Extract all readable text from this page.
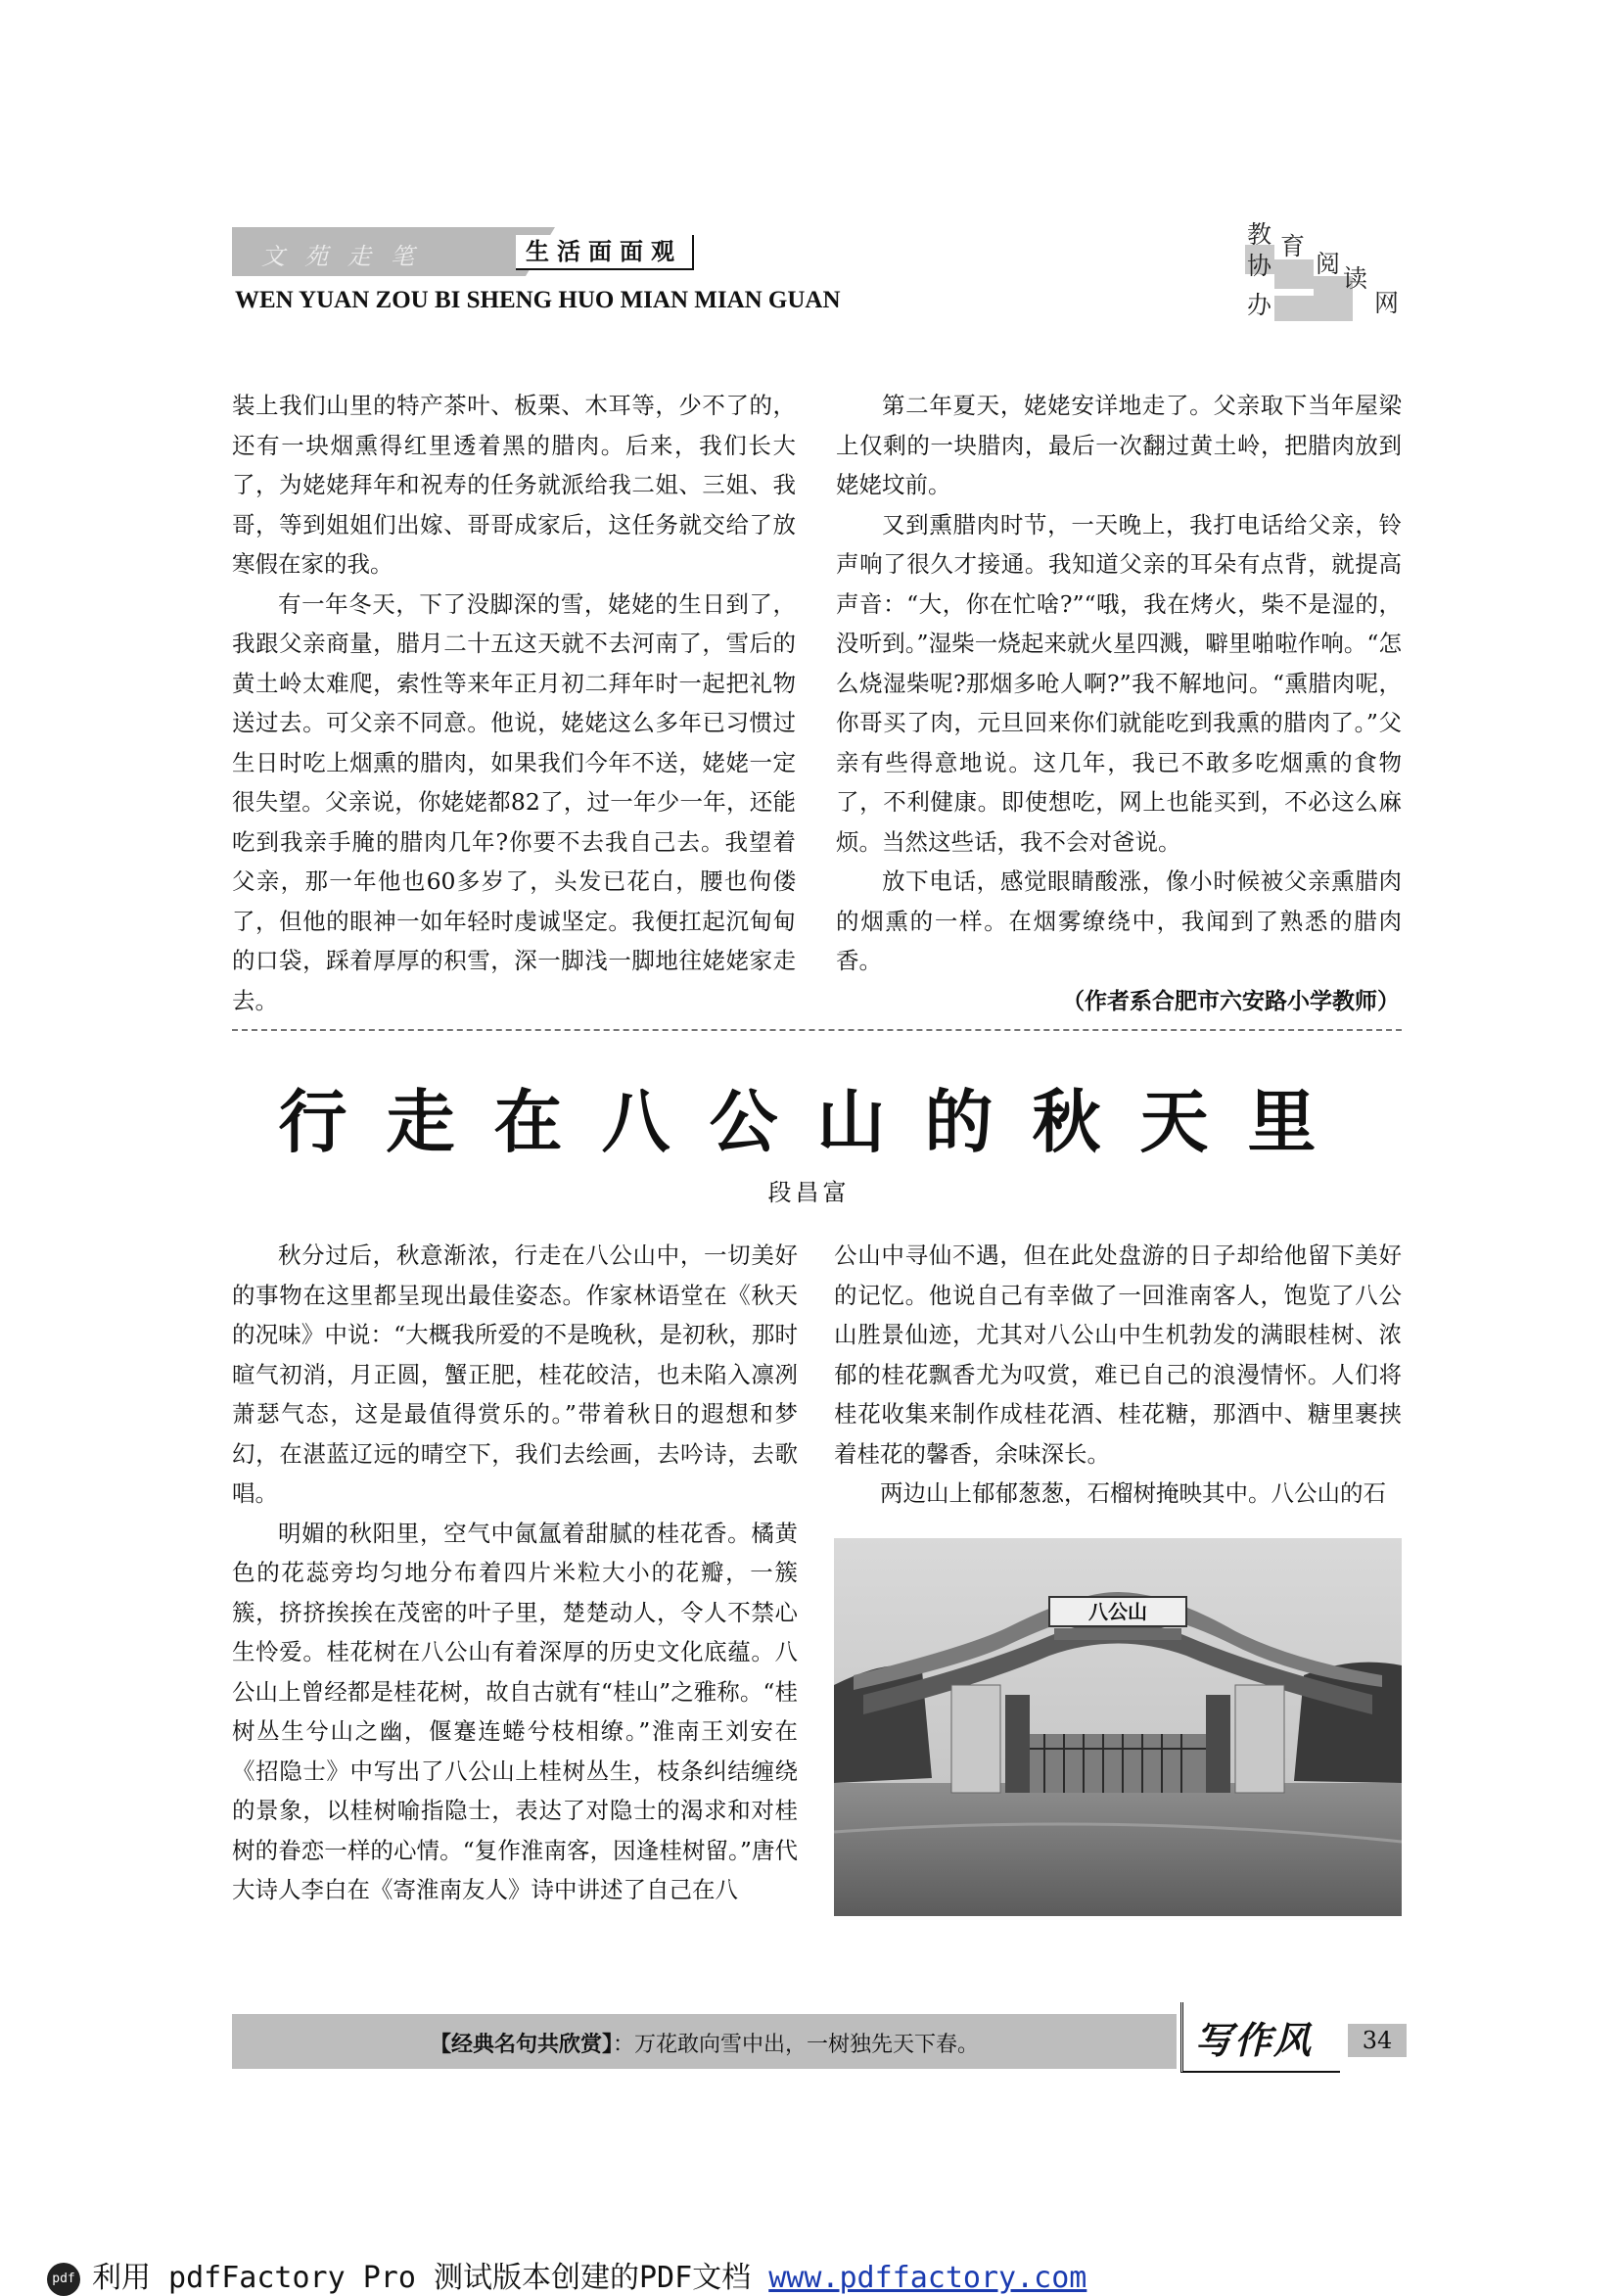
文苑走笔	生活面面观
WEN YUAN ZOU BI SHENG HUO MIAN MIAN GUAN
教 育
协 阅
读
办	网

装上我们山里的特产茶叶、板栗、木耳等，少不了的，还有一块烟熏得红里透着黑的腊肉。后来，我们长大了，为姥姥拜年和祝寿的任务就派给我二姐、三姐、我哥，等到姐姐们出嫁、哥哥成家后，这任务就交给了放寒假在家的我。

有一年冬天，下了没脚深的雪，姥姥的生日到了，我跟父亲商量，腊月二十五这天就不去河南了，雪后的黄土岭太难爬，索性等来年正月初二拜年时一起把礼物送过去。可父亲不同意。他说，姥姥这么多年已习惯过生日时吃上烟熏的腊肉，如果我们今年不送，姥姥一定很失望。父亲说，你姥姥都82了，过一年少一年，还能吃到我亲手腌的腊肉几年?你要不去我自己去。我望着父亲，那一年他也60多岁了，头发已花白，腰也佝偻了，但他的眼神一如年轻时虔诚坚定。我便扛起沉甸甸的口袋，踩着厚厚的积雪，深一脚浅一脚地往姥姥家走去。

第二年夏天，姥姥安详地走了。父亲取下当年屋梁上仅剩的一块腊肉，最后一次翻过黄土岭，把腊肉放到姥姥坟前。

又到熏腊肉时节，一天晚上，我打电话给父亲，铃声响了很久才接通。我知道父亲的耳朵有点背，就提高声音：“大，你在忙啥?”“哦，我在烤火，柴不是湿的，没听到。”湿柴一烧起来就火星四溅，噼里啪啦作响。“怎么烧湿柴呢?那烟多呛人啊?”我不解地问。“熏腊肉呢，你哥买了肉，元旦回来你们就能吃到我熏的腊肉了。”父亲有些得意地说。这几年，我已不敢多吃烟熏的食物了，不利健康。即使想吃，网上也能买到，不必这么麻烦。当然这些话，我不会对爸说。

放下电话，感觉眼睛酸涨，像小时候被父亲熏腊肉的烟熏的一样。在烟雾缭绕中，我闻到了熟悉的腊肉香。

（作者系合肥市六安路小学教师）
行走在八公山的秋天里
段昌富

秋分过后，秋意渐浓，行走在八公山中，一切美好的事物在这里都呈现出最佳姿态。作家林语堂在《秋天的况味》中说：“大概我所爱的不是晚秋，是初秋，那时暄气初消，月正圆，蟹正肥，桂花皎洁，也未陷入凛冽萧瑟气态，这是最值得赏乐的。”带着秋日的遐想和梦幻，在湛蓝辽远的晴空下，我们去绘画，去吟诗，去歌唱。

明媚的秋阳里，空气中氤氲着甜腻的桂花香。橘黄色的花蕊旁均匀地分布着四片米粒大小的花瓣，一簇簇，挤挤挨挨在茂密的叶子里，楚楚动人，令人不禁心生怜爱。桂花树在八公山有着深厚的历史文化底蕴。八公山上曾经都是桂花树，故自古就有“桂山”之雅称。“桂树丛生兮山之幽，偃蹇连蜷兮枝相缭。”淮南王刘安在《招隐士》中写出了八公山上桂树丛生，枝条纠结缠绕的景象，以桂树喻指隐士，表达了对隐士的渴求和对桂树的眷恋一样的心情。“复作淮南客，因逢桂树留。”唐代大诗人李白在《寄淮南友人》诗中讲述了自己在八

公山中寻仙不遇，但在此处盘游的日子却给他留下美好的记忆。他说自己有幸做了一回淮南客人，饱览了八公山胜景仙迹，尤其对八公山中生机勃发的满眼桂树、浓郁的桂花飘香尤为叹赏，难已自己的浪漫情怀。人们将桂花收集来制作成桂花酒、桂花糖，那酒中、糖里裹挟着桂花的馨香，余味深长。

两边山上郁郁葱葱，石榴树掩映其中。八公山的石

八公山
【经典名句共欣赏】：万花敢向雪中出，一树独先天下春。	写作风	34
pdf 利用 pdfFactory Pro 测试版本创建的PDF文档 www.pdffactory.com
